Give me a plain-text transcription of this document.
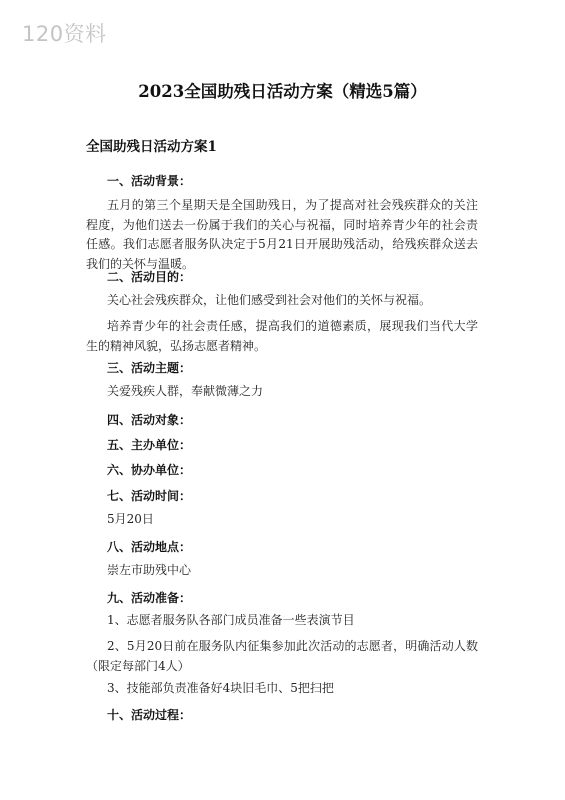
120资料
2023全国助残日活动方案（精选5篇）
全国助残日活动方案1
一、活动背景：

五月的第三个星期天是全国助残日，为了提高对社会残疾群众的关注程度，为他们送去一份属于我们的关心与祝福，同时培养青少年的社会责任感。我们志愿者服务队决定于5月21日开展助残活动，给残疾群众送去我们的关怀与温暖。

二、活动目的：

关心社会残疾群众，让他们感受到社会对他们的关怀与祝福。

培养青少年的社会责任感，提高我们的道德素质，展现我们当代大学生的精神风貌，弘扬志愿者精神。

三、活动主题：

关爱残疾人群，奉献微薄之力

四、活动对象：
五、主办单位：
六、协办单位：
七、活动时间：

5月20日

八、活动地点：

崇左市助残中心

九、活动准备：

1、志愿者服务队各部门成员准备一些表演节目

2、5月20日前在服务队内征集参加此次活动的志愿者，明确活动人数（限定每部门4人）

3、技能部负责准备好4块旧毛巾、5把扫把

十、活动过程：
